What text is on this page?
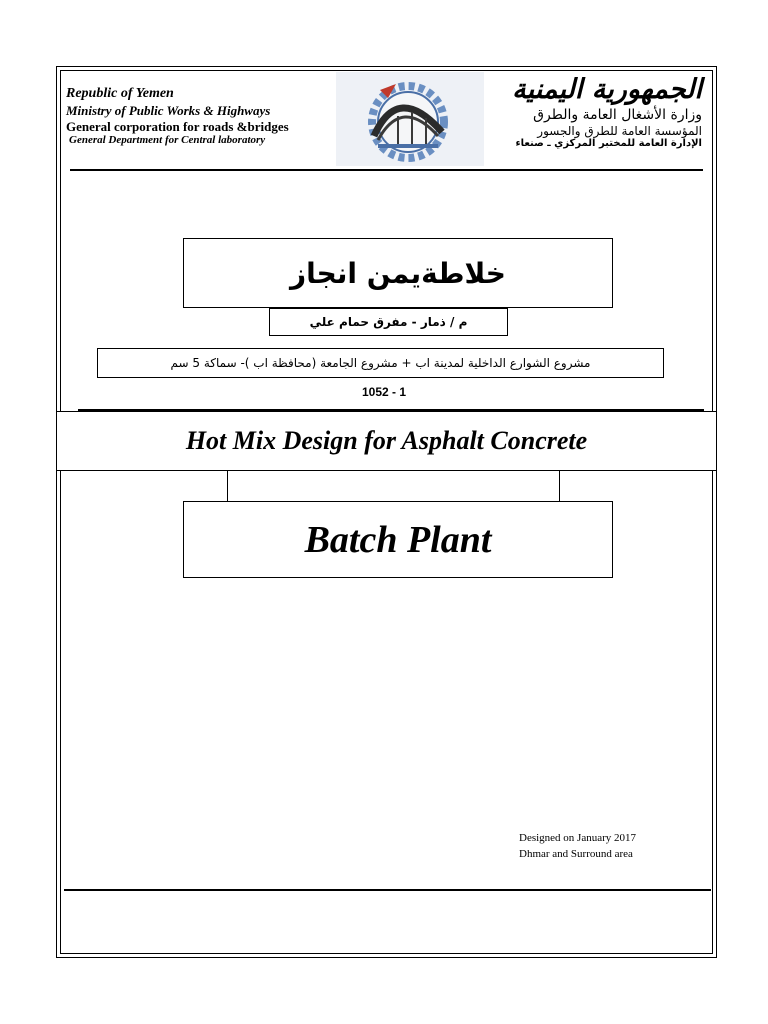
Republic of Yemen
Ministry of Public Works & Highways
General corporation for roads &bridges
General Department for Central laboratory
الجمهورية اليمنية
وزارة الأشغال العامة والطرق
المؤسسة العامة للطرق والجسور
الإدارة العامة للمختبر المركزي ـ صنعاء
خلاطةيمن انجاز
م / ذمار - مفرق حمام علي
مشروع الشوارع الداخلية لمدينة اب + مشروع الجامعة (محافظة اب )- سماكة 5 سم
1052 - 1
Hot Mix Design for Asphalt Concrete
Batch Plant
Designed on January 2017
Dhmar and Surround area
